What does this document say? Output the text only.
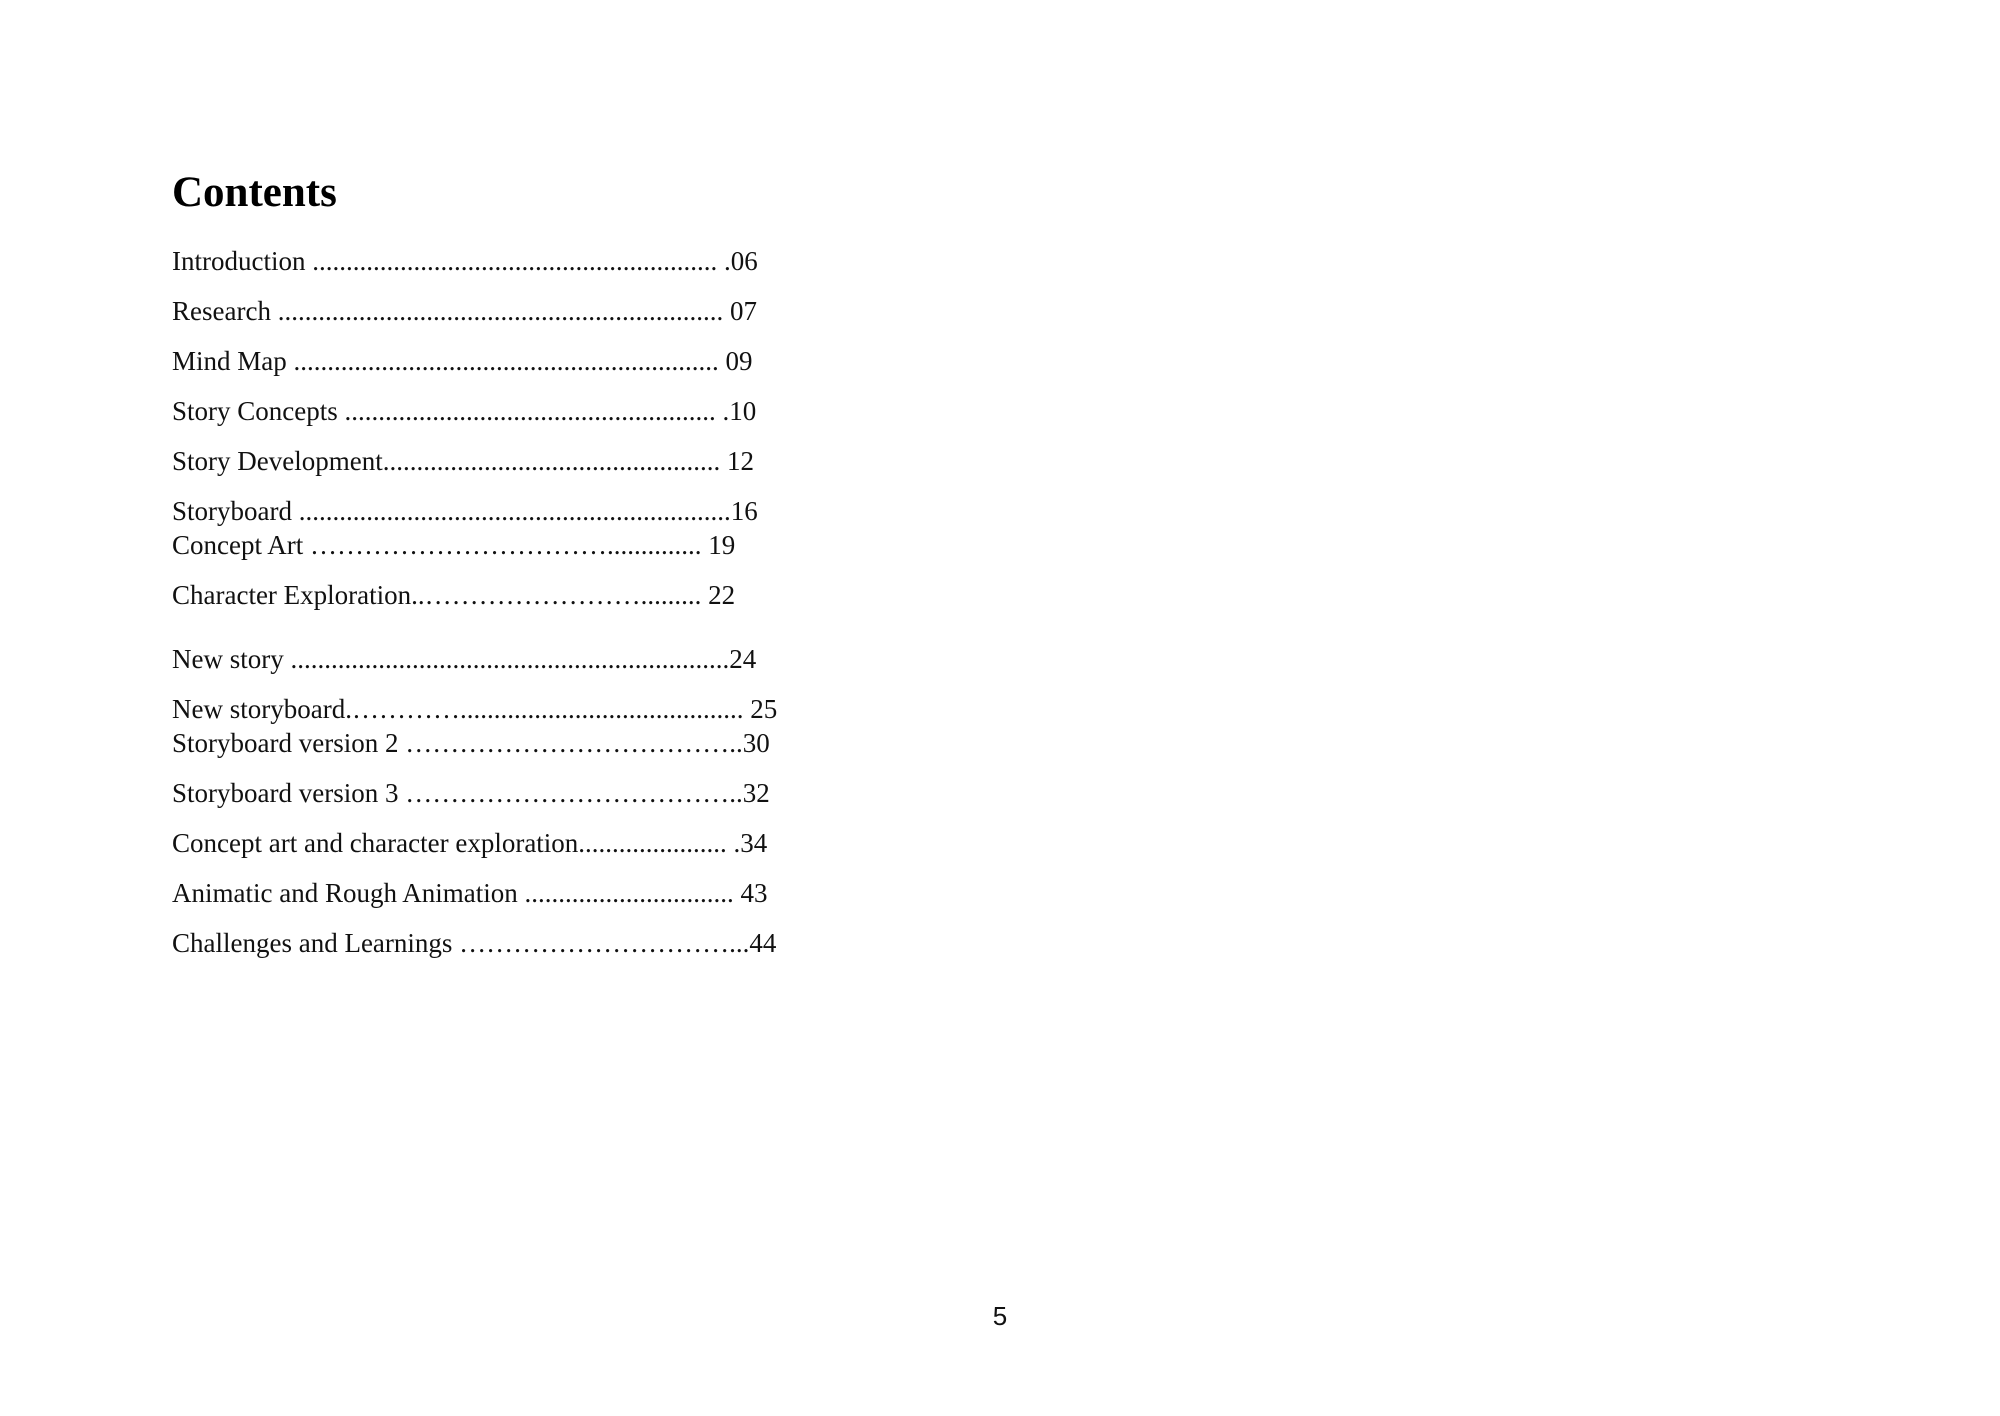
Contents
Introduction ............................................................ .06
Research .................................................................. 07
Mind Map ............................................................... 09
Story Concepts ....................................................... .10
Story Development.................................................. 12
Storyboard ................................................................16
Concept Art …………………………….............. 19
Character Exploration..……………………......... 22
New story .................................................................24
New storyboard.………….......................................... 25
Storyboard version 2 ………………………………..30
Storyboard version 3 ………………………………..32
Concept art and character exploration...................... .34
Animatic and Rough Animation ............................... 43
Challenges and Learnings …………………………...44
5
